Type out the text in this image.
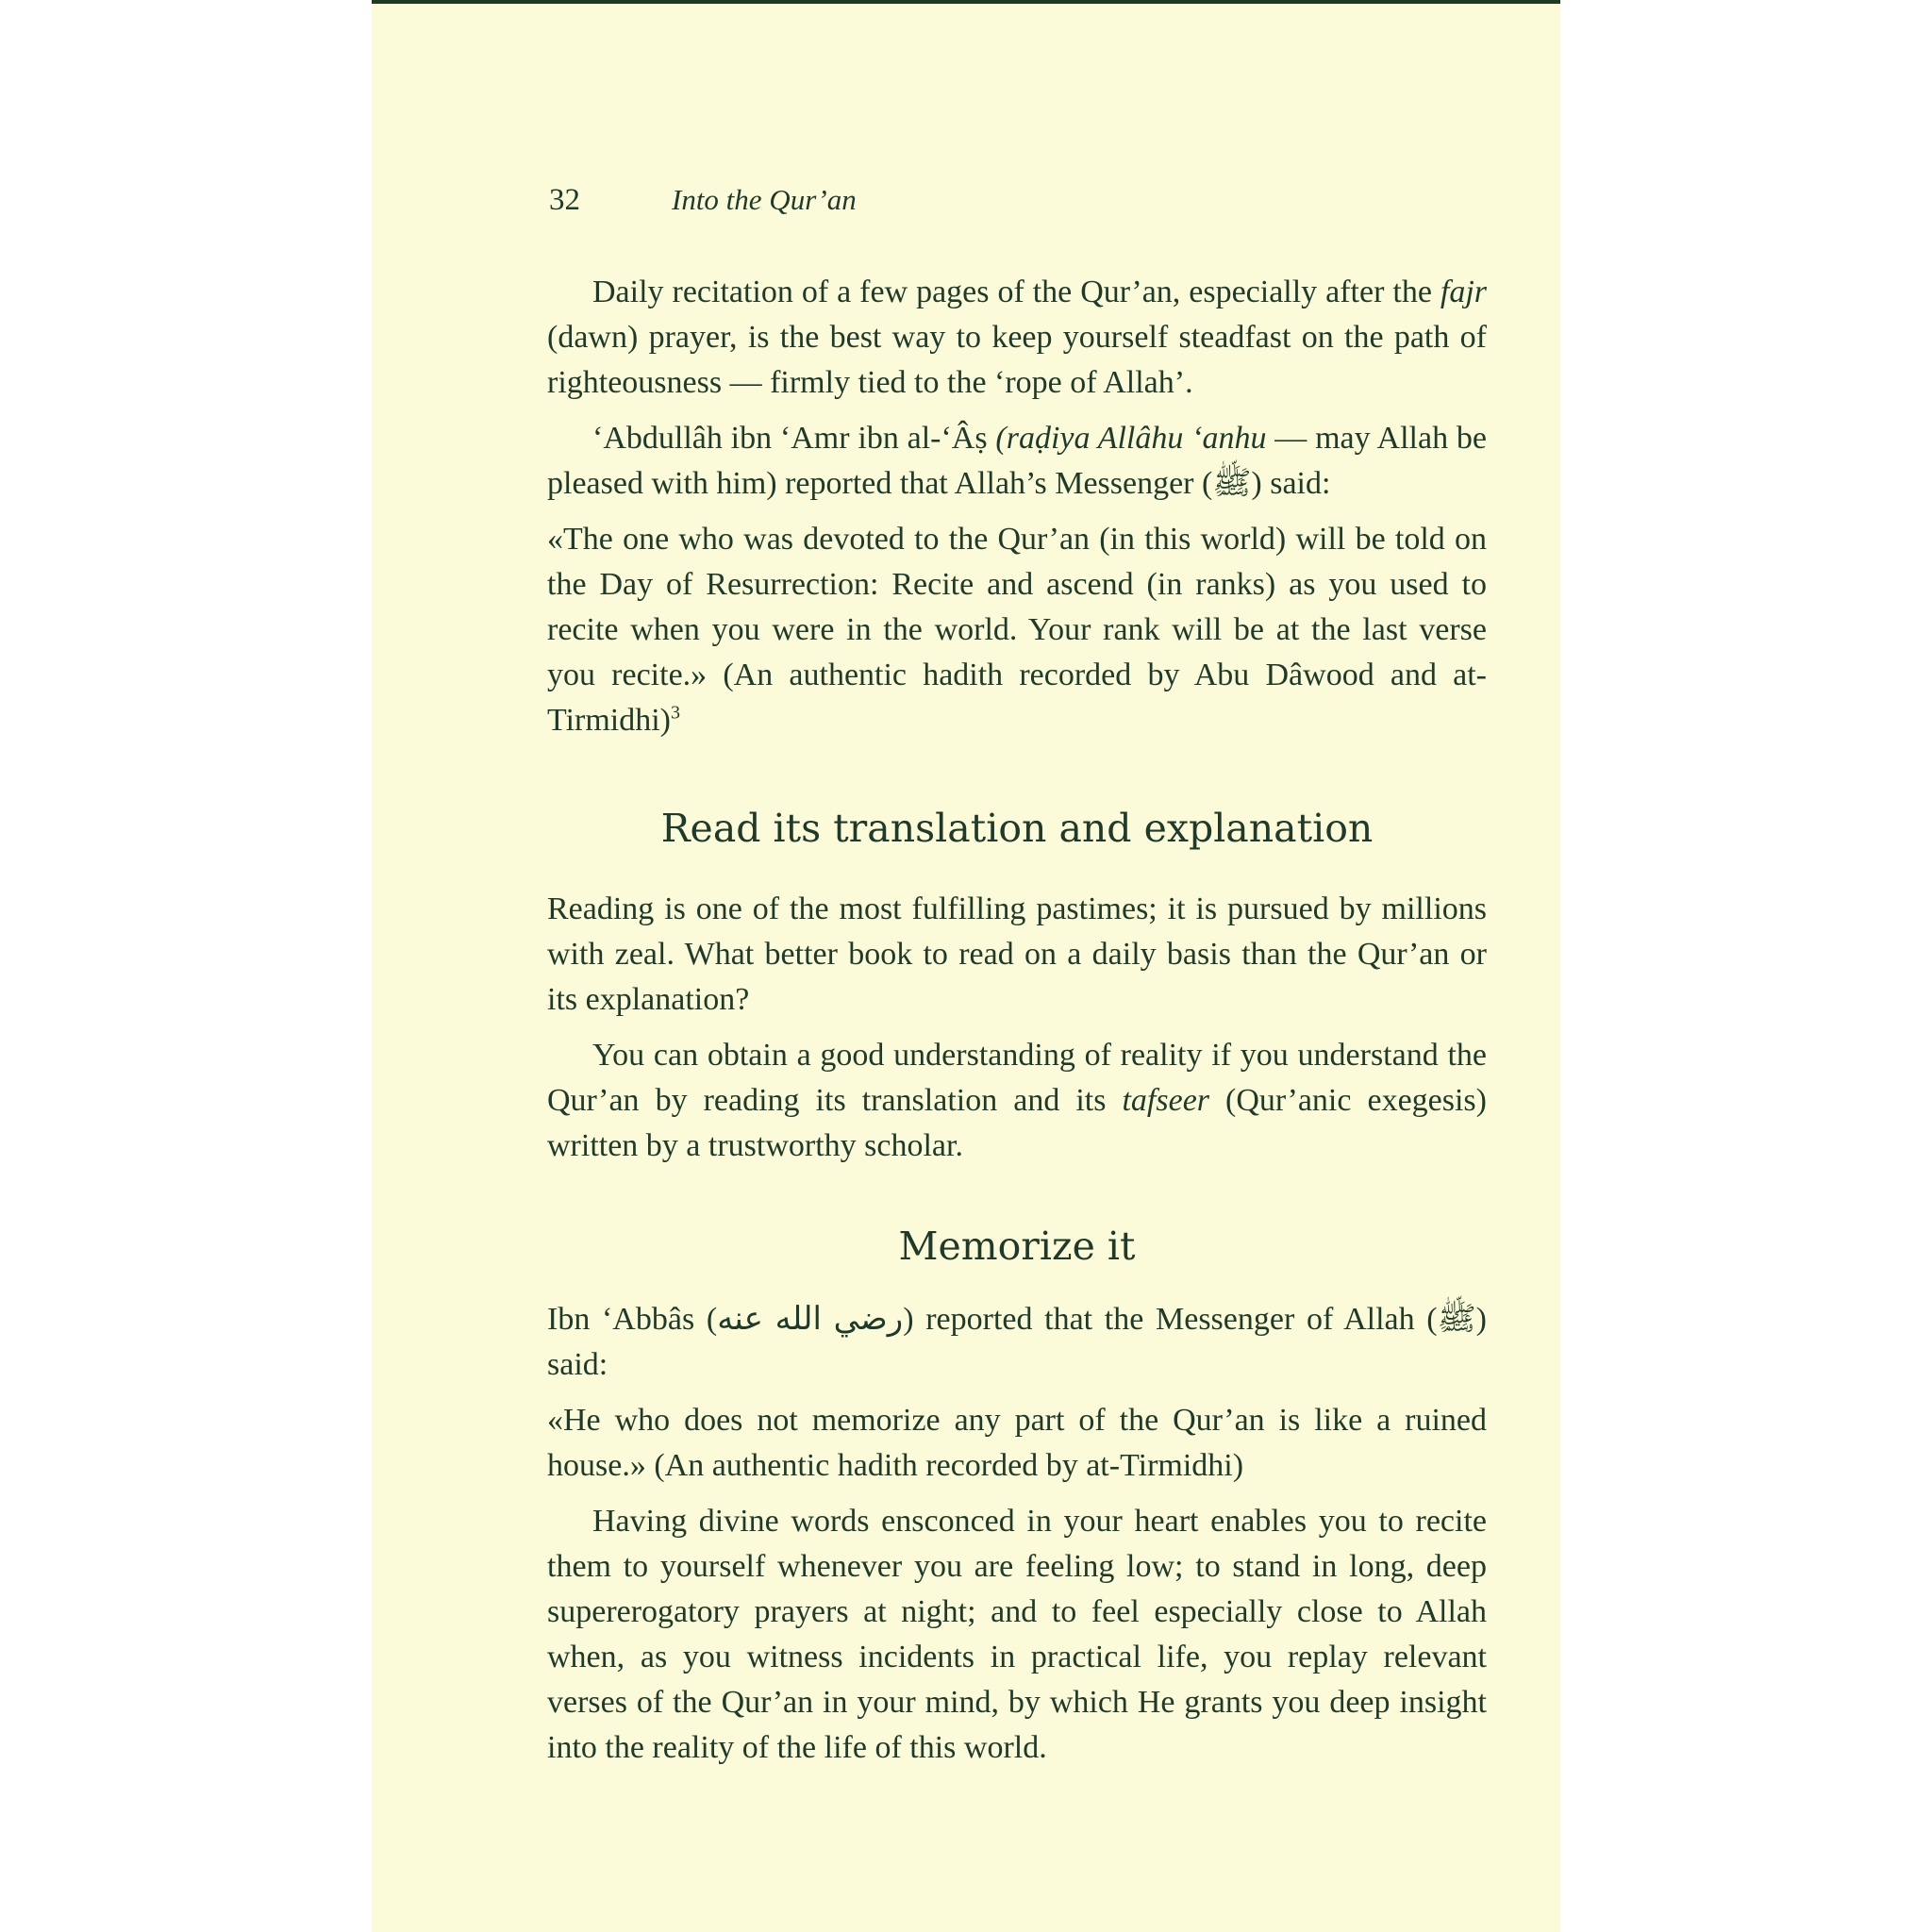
32	Into the Qur’an

Daily recitation of a few pages of the Qur’an, especially after the fajr (dawn) prayer, is the best way to keep yourself steadfast on the path of righteousness — firmly tied to the ‘rope of Allah’.

‘Abdullâh ibn ‘Amr ibn al-‘Âṣ (raḍiya Allâhu ‘anhu — may Allah be pleased with him) reported that Allah’s Messenger (ﷺ) said:

«The one who was devoted to the Qur’an (in this world) will be told on the Day of Resurrection: Recite and ascend (in ranks) as you used to recite when you were in the world. Your rank will be at the last verse you recite.» (An authentic hadith recorded by Abu Dâwood and at-Tirmidhi)$^3$

Read its translation and explanation

Reading is one of the most fulfilling pastimes; it is pursued by millions with zeal. What better book to read on a daily basis than the Qur’an or its explanation?

You can obtain a good understanding of reality if you understand the Qur’an by reading its translation and its tafseer (Qur’anic exegesis) written by a trustworthy scholar.

Memorize it

Ibn ‘Abbâs (رضي الله عنه) reported that the Messenger of Allah (ﷺ) said:

«He who does not memorize any part of the Qur’an is like a ruined house.» (An authentic hadith recorded by at-Tirmidhi)

Having divine words ensconced in your heart enables you to recite them to yourself whenever you are feeling low; to stand in long, deep supererogatory prayers at night; and to feel especially close to Allah when, as you witness incidents in practical life, you replay relevant verses of the Qur’an in your mind, by which He grants you deep insight into the reality of the life of this world.
